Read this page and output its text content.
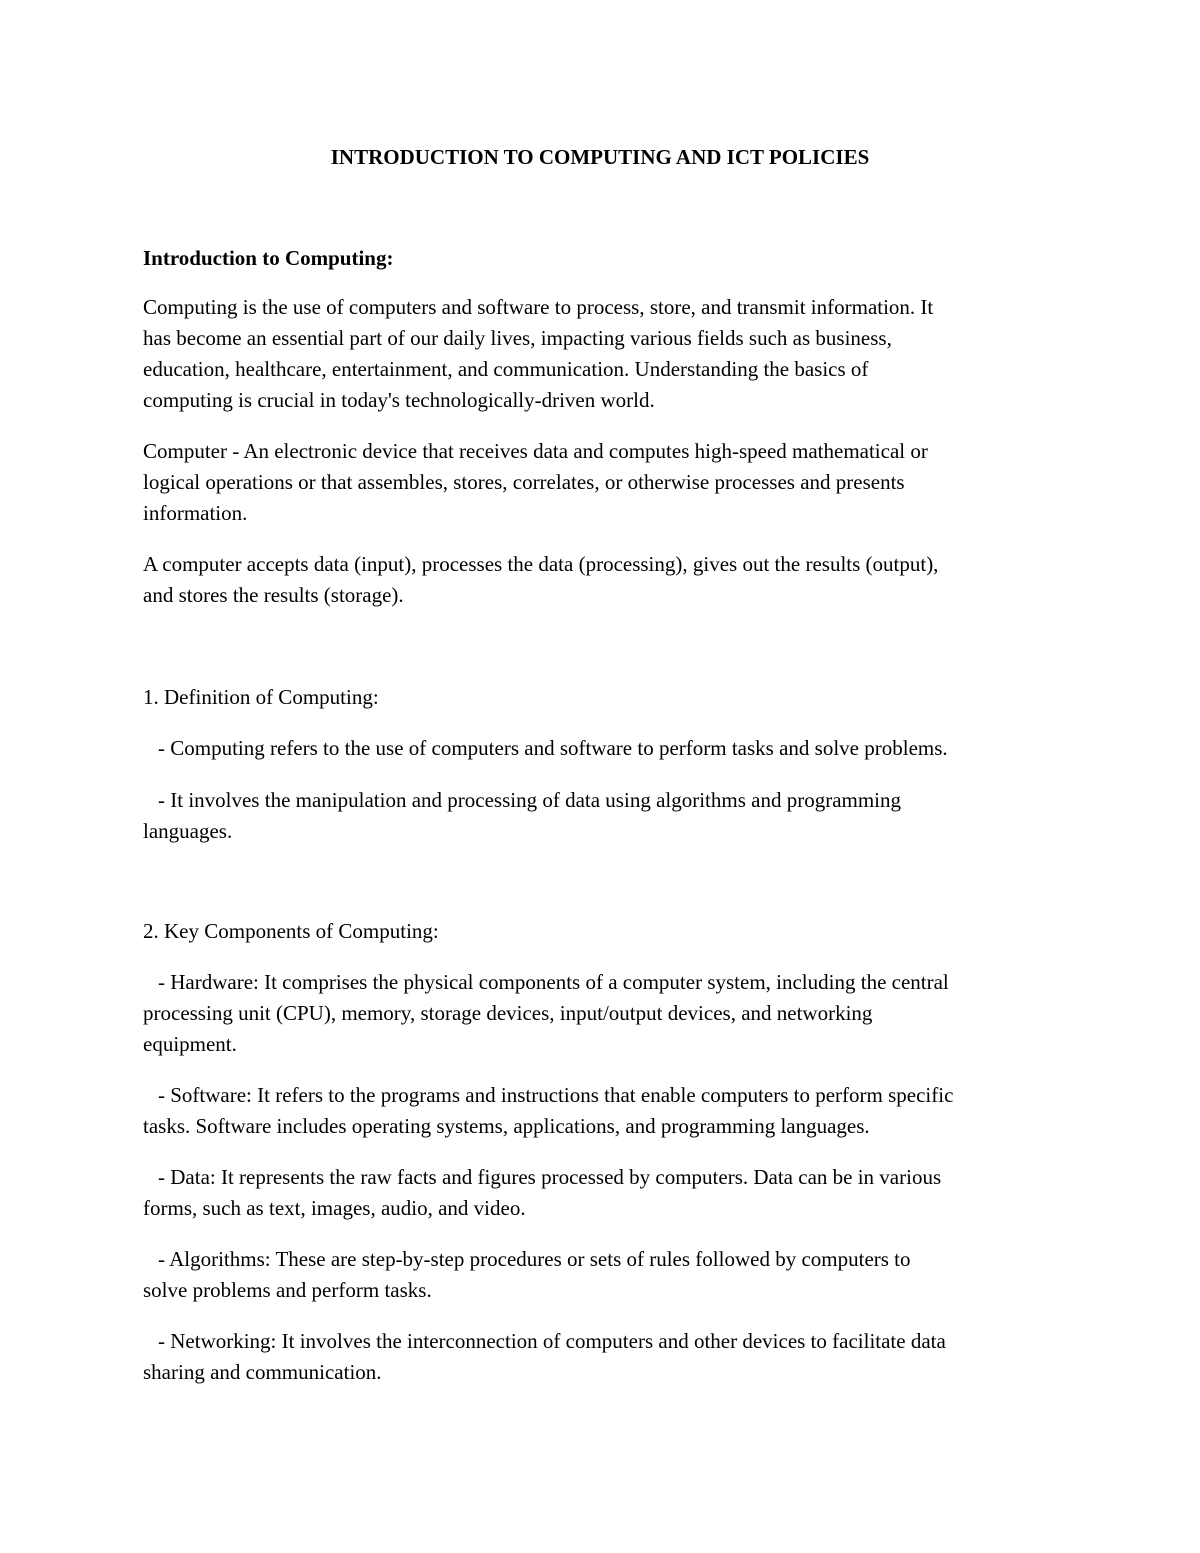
INTRODUCTION TO COMPUTING AND ICT POLICIES
Introduction to Computing:

Computing is the use of computers and software to process, store, and transmit information. It
has become an essential part of our daily lives, impacting various fields such as business,
education, healthcare, entertainment, and communication. Understanding the basics of
computing is crucial in today's technologically-driven world.

Computer - An electronic device that receives data and computes high-speed mathematical or
logical operations or that assembles, stores, correlates, or otherwise processes and presents
information.

A computer accepts data (input), processes the data (processing), gives out the results (output),
and stores the results (storage).

1. Definition of Computing:

- Computing refers to the use of computers and software to perform tasks and solve problems.

- It involves the manipulation and processing of data using algorithms and programming
languages.

2. Key Components of Computing:

- Hardware: It comprises the physical components of a computer system, including the central
processing unit (CPU), memory, storage devices, input/output devices, and networking
equipment.

- Software: It refers to the programs and instructions that enable computers to perform specific
tasks. Software includes operating systems, applications, and programming languages.

- Data: It represents the raw facts and figures processed by computers. Data can be in various
forms, such as text, images, audio, and video.

- Algorithms: These are step-by-step procedures or sets of rules followed by computers to
solve problems and perform tasks.

- Networking: It involves the interconnection of computers and other devices to facilitate data
sharing and communication.
